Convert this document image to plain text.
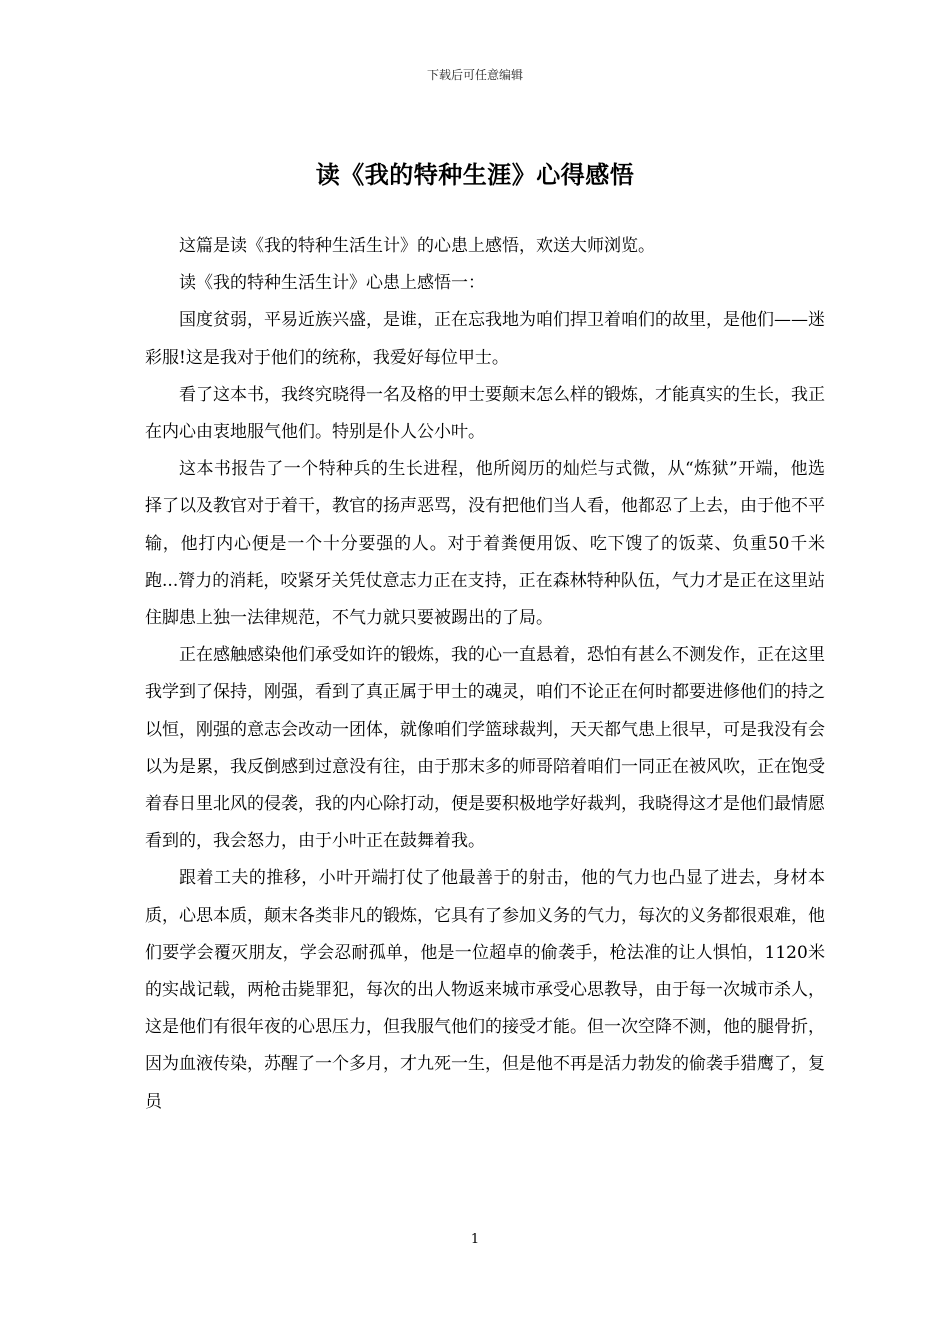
下载后可任意编辑
读《我的特种生涯》心得感悟

这篇是读《我的特种生活生计》的心患上感悟，欢送大师浏览。

读《我的特种生活生计》心患上感悟一：

国度贫弱，平易近族兴盛，是谁，正在忘我地为咱们捍卫着咱们的故里，是他们——迷彩服!这是我对于他们的统称，我爱好每位甲士。

看了这本书，我终究晓得一名及格的甲士要颠末怎么样的锻炼，才能真实的生长，我正在内心由衷地服气他们。特别是仆人公小叶。

这本书报告了一个特种兵的生长进程，他所阅历的灿烂与式微，从“炼狱”开端，他选择了以及教官对于着干，教官的扬声恶骂，没有把他们当人看，他都忍了上去，由于他不平输，他打内心便是一个十分要强的人。对于着粪便用饭、吃下馊了的饭菜、负重50千米跑...膂力的消耗，咬紧牙关凭仗意志力正在支持，正在森林特种队伍，气力才是正在这里站住脚患上独一法律规范，不气力就只要被踢出的了局。

正在感触感染他们承受如许的锻炼，我的心一直悬着，恐怕有甚么不测发作，正在这里我学到了保持，刚强，看到了真正属于甲士的魂灵，咱们不论正在何时都要进修他们的持之以恒，刚强的意志会改动一团体，就像咱们学篮球裁判，天天都气患上很早，可是我没有会以为是累，我反倒感到过意没有往，由于那末多的师哥陪着咱们一同正在被风吹，正在饱受着春日里北风的侵袭，我的内心除打动，便是要积极地学好裁判，我晓得这才是他们最情愿看到的，我会怒力，由于小叶正在鼓舞着我。

跟着工夫的推移，小叶开端打仗了他最善于的射击，他的气力也凸显了进去，身材本质，心思本质，颠末各类非凡的锻炼，它具有了参加义务的气力，每次的义务都很艰难，他们要学会覆灭朋友，学会忍耐孤单，他是一位超卓的偷袭手，枪法准的让人惧怕，1120米的实战记载，两枪击毙罪犯，每次的出人物返来城市承受心思教导，由于每一次城市杀人，这是他们有很年夜的心思压力，但我服气他们的接受才能。但一次空降不测，他的腿骨折，因为血液传染，苏醒了一个多月，才九死一生，但是他不再是活力勃发的偷袭手猎鹰了，复员

1
